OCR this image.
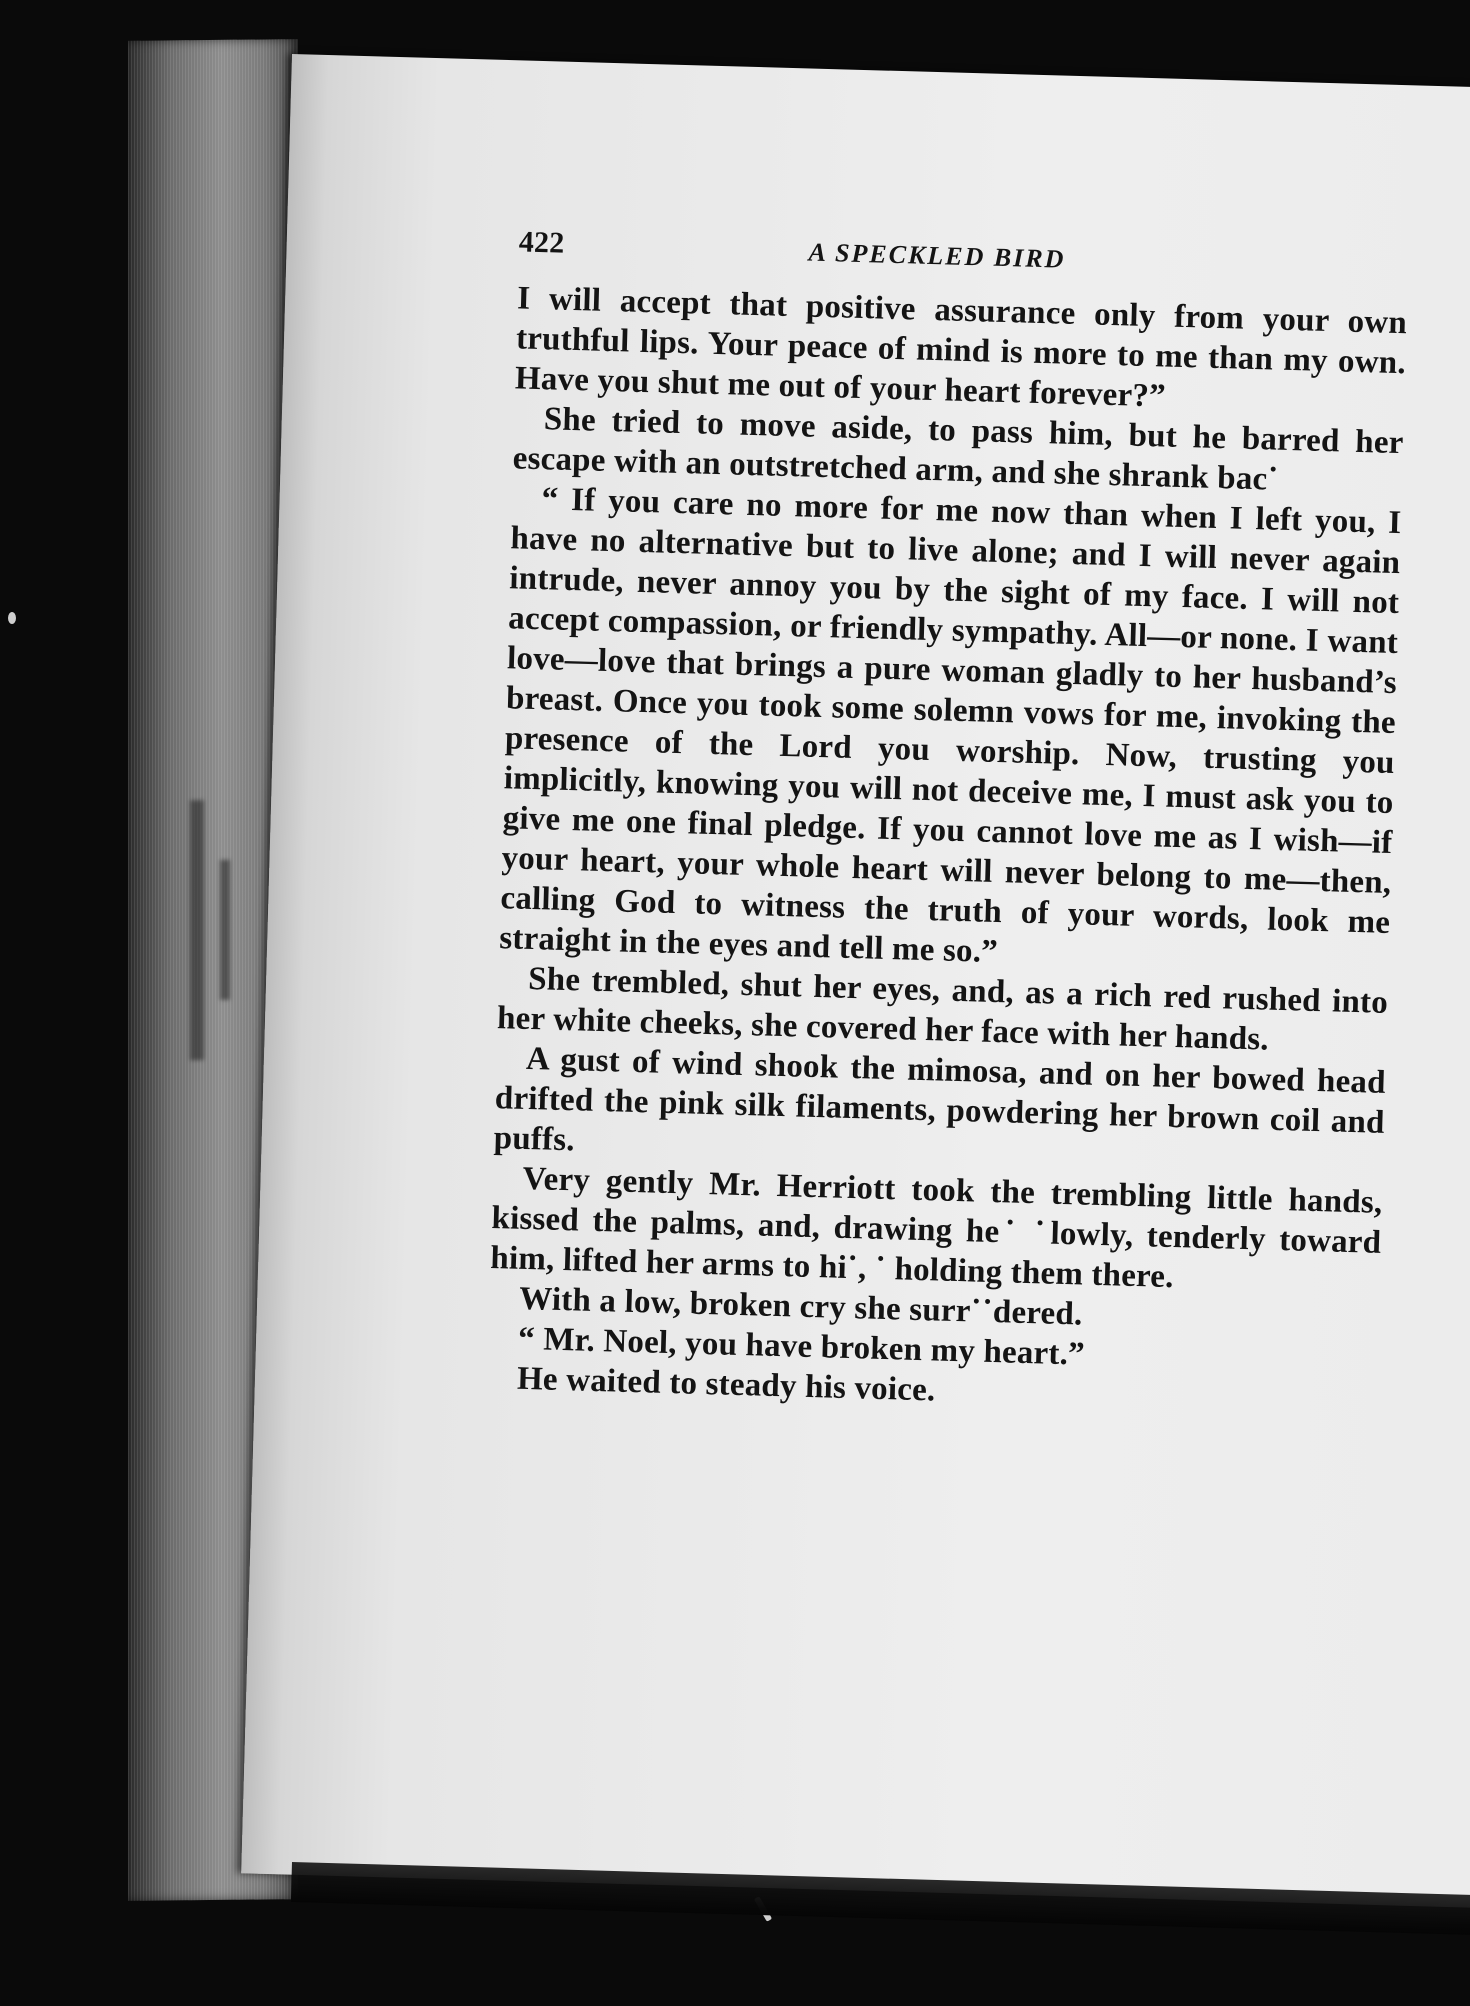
422	A SPECKLED BIRD

I will accept that positive assurance only from your own truthful lips. Your peace of mind is more to me than my own. Have you shut me out of your heart forever?”

She tried to move aside, to pass him, but he barred her escape with an outstretched arm, and she shrank bac˙

“ If you care no more for me now than when I left you, I have no alternative but to live alone; and I will never again intrude, never annoy you by the sight of my face. I will not accept compassion, or friendly sympathy. All—or none. I want love—love that brings a pure woman gladly to her husband’s breast. Once you took some solemn vows for me, invoking the presence of the Lord you worship. Now, trusting you implicitly, knowing you will not deceive me, I must ask you to give me one final pledge. If you cannot love me as I wish—if your heart, your whole heart will never belong to me—then, calling God to witness the truth of your words, look me straight in the eyes and tell me so.”

She trembled, shut her eyes, and, as a rich red rushed into her white cheeks, she covered her face with her hands.

A gust of wind shook the mimosa, and on her bowed head drifted the pink silk filaments, powdering her brown coil and puffs.

Very gently Mr. Herriott took the trembling little hands, kissed the palms, and, drawing he˙ ˙lowly, tenderly toward him, lifted her arms to hi˙, ˙ holding them there.

With a low, broken cry she surr˙˙dered.

“ Mr. Noel, you have broken my heart.”

He waited to steady his voice.
